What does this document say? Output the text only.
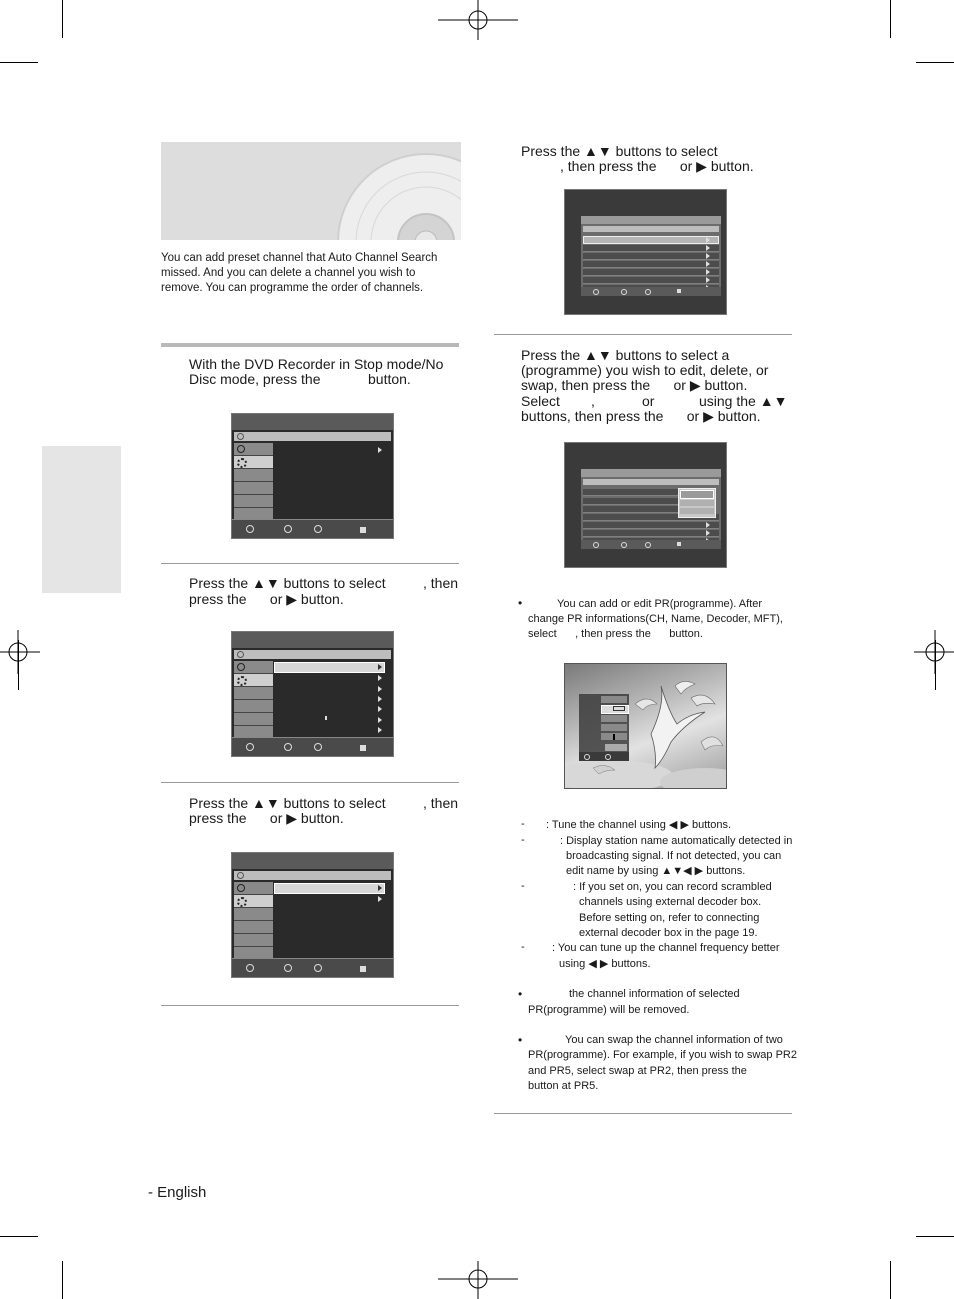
You can add preset channel that Auto Channel Search
missed. And you can delete a channel you wish to
remove. You can programme the order of channels.
With the DVD Recorder in Stop mode/No
Disc mode, press the	button.
Press the ▲▼ buttons to select	, then
press the      or ▶ button.
Press the ▲▼ buttons to select	, then
press the      or ▶ button.
Press the ▲▼ buttons to select
, then press the      or ▶ button.
Press the ▲▼ buttons to select a
(programme) you wish to edit, delete, or
swap, then press the      or ▶ button.
Select ,	or	using the ▲▼
buttons, then press the      or ▶ button.
•	You can add or edit PR(programme). After
change PR informations(CH, Name, Decoder, MFT),
select      , then press the      button.
- : Tune the channel using ◀ ▶ buttons.
-	: Display station name automatically detected in
broadcasting signal. If not detected, you can
edit name by using ▲▼◀ ▶ buttons.
-	: If you set on, you can record scrambled
channels using external decoder box.
Before setting on, refer to connecting
external decoder box in the page 19.
- : You can tune up the channel frequency better
using ◀ ▶ buttons.
•	the channel information of selected
PR(programme) will be removed.
•	You can swap the channel information of two
PR(programme). For example, if you wish to swap PR2
and PR5, select swap at PR2, then press the
button at PR5.
- English
